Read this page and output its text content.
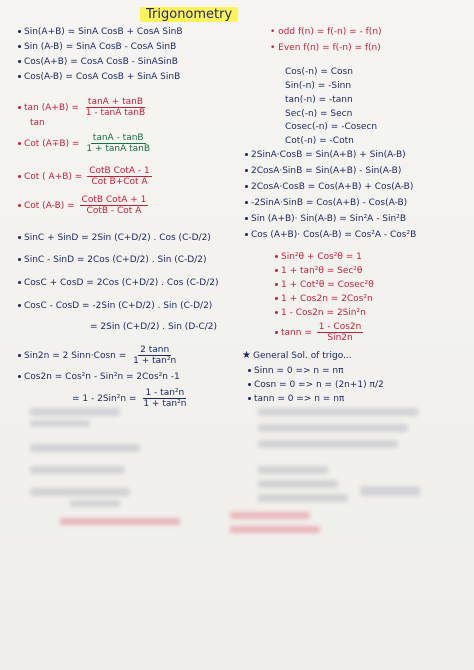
Trigonometry
Sin(A+B) = SinA CosB + CosA SinB
Sin (A-B) = SinA CosB - CosA SinB
Cos(A+B) = CosA CosB - SinASinB
Cos(A-B) = CosA CosB + SinA SinB
$\tan (A+B) = \frac{\tan A + \tan B}{\text{1 - tanA tanB}}$
tan
Cot $(A\mp B) = \frac{\tan A - \tan B}{\text{1 + tanA tanB}}$
Cot ( $A+B) = \frac{\text{CotB CotA - 1}}{\text{Cot B+Cot A}}$
Cot $(A-B) = \frac{\text{CotB CotA + 1}}{\text{CotB - Cot A}}$
SinC + SinD = 2Sin (C+D/2) . Cos (C-D/2)
SinC - SinD = 2Cos (C+D/2) . Sin (C-D/2)
CosC + CosD = 2Cos (C+D/2) . Cos (C-D/2)
CosC - CosD = -2Sin (C+D/2) . Sin (C-D/2)
= 2Sin (C+D/2) . Sin (D-C/2)
Sin2n = 2 Sinn·Cosn = $\frac{2 \tan n}{\text{1 + tan²n}}$
Cos2n = Cos²n - Sin²n = 2Cos²n -1
= $1 - 2Sin^2n = \frac{\text{1 - tan²n}}{\text{1 + tan²n}}$
• odd f(n) = f(-n) = - f(n)
• Even f(n) = f(-n) = f(n)
Cos(-n) = Cosn
Sin(-n) = -Sinn
tan(-n) = -tann
Sec(-n) = Secn
Cosec(-n) = -Cosecn
Cot(-n) = -Cotn
2SinA·CosB = Sin(A+B) + Sin(A-B)
2CosA·SinB = Sin(A+B) - Sin(A-B)
2CosA·CosB = Cos(A+B) + Cos(A-B)
-2SinA·SinB = Cos(A+B) - Cos(A-B)
Sin (A+B)· Sin(A-B) = Sin²A - Sin²B
Cos (A+B)· Cos(A-B) = Cos²A - Cos²B
Sin²θ + Cos²θ = 1
1 + tan²θ = Sec²θ
1 + Cot²θ = Cosec²θ
1 + Cos2n = 2Cos²n
1 - Cos2n = 2Sin²n
$\tan n = \frac{\text{1 - Cos2n}}{\text{Sin2n}}$
★ General Sol. of trigo...
Sinn = 0 => n = nπ
Cosn = 0 => n = (2n+1) π/2
tann = 0 => n = nπ
